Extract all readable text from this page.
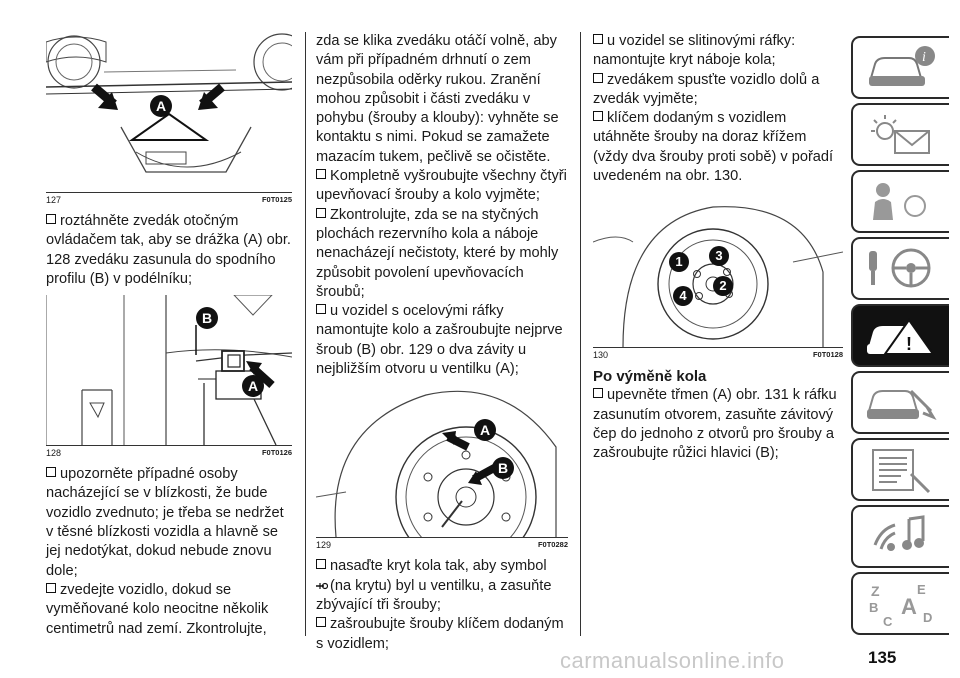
A
127	F0T0125

roztáhněte zvedák otočným ovládačem tak, aby se drážka (A) obr. 128 zvedáku zasunula do spodního profilu (B) v podélníku;

B
A
128	F0T0126

upozorněte případné osoby nacházející se v blízkosti, že bude vozidlo zvednuto; je třeba se nedržet v těsné blízkosti vozidla a hlavně se jej nedotýkat, dokud nebude znovu dole;

zvedejte vozidlo, dokud se vyměňované kolo neocitne několik centimetrů nad zemí. Zkontrolujte,

zda se klika zvedáku otáčí volně, aby vám při případném drhnutí o zem nezpůsobila oděrky rukou. Zranění mohou způsobit i části zvedáku v pohybu (šrouby a klouby): vyhněte se kontaktu s nimi. Pokud se zamažete mazacím tukem, pečlivě se očistěte.

Kompletně vyšroubujte všechny čtyři upevňovací šrouby a kolo vyjměte;

Zkontrolujte, zda se na styčných plochách rezervního kola a náboje nenacházejí nečistoty, které by mohly způsobit povolení upevňovacích šroubů;

u vozidel s ocelovými ráfky namontujte kolo a zašroubujte nejprve šroub (B) obr. 129 o dva závity u nejbližším otvoru u ventilku (A);

A
B
129	F0T0282

nasaďte kryt kola tak, aby symbol
(na krytu) byl u ventilku, a zasuňte zbývající tři šrouby;

zašroubujte šrouby klíčem dodaným s vozidlem;

u vozidel se slitinovými ráfky: namontujte kryt náboje kola;

zvedákem spusťte vozidlo dolů a zvedák vyjměte;

klíčem dodaným s vozidlem utáhněte šrouby na doraz křížem (vždy dva šrouby proti sobě) v pořadí uvedeném na obr. 130.

1	3
2
4
130	F0T0128
Po výměně kola

upevněte třmen (A) obr. 131 k ráfku zasunutím otvorem, zasuňte závitový čep do jednoho z otvorů pro šrouby a zašroubujte růžici hlavici (B);

i
!
Z	E
B A
C D
carmanualsonline.info	135
